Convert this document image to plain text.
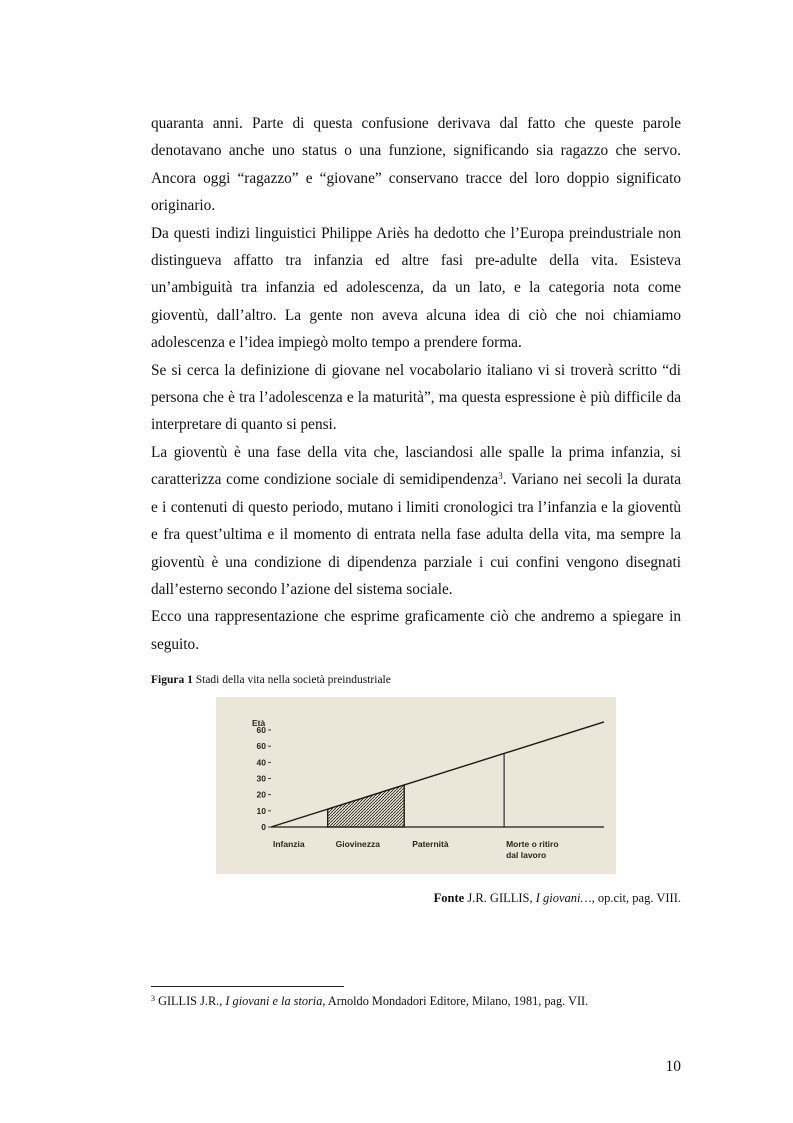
quaranta anni. Parte di questa confusione derivava dal fatto che queste parole denotavano anche uno status o una funzione, significando sia ragazzo che servo. Ancora oggi “ragazzo” e “giovane” conservano tracce del loro doppio significato originario.

Da questi indizi linguistici Philippe Ariès ha dedotto che l’Europa preindustriale non distingueva affatto tra infanzia ed altre fasi pre-adulte della vita. Esisteva un’ambiguità tra infanzia ed adolescenza, da un lato, e la categoria nota come gioventù, dall’altro. La gente non aveva alcuna idea di ciò che noi chiamiamo adolescenza e l’idea impiegò molto tempo a prendere forma.

Se si cerca la definizione di giovane nel vocabolario italiano vi si troverà scritto “di persona che è tra l’adolescenza e la maturità”, ma questa espressione è più difficile da interpretare di quanto si pensi.

La gioventù è una fase della vita che, lasciandosi alle spalle la prima infanzia, si caratterizza come condizione sociale di semidipendenza$^3$. Variano nei secoli la durata e i contenuti di questo periodo, mutano i limiti cronologici tra l’infanzia e la gioventù e fra quest’ultima e il momento di entrata nella fase adulta della vita, ma sempre la gioventù è una condizione di dipendenza parziale i cui confini vengono disegnati dall’esterno secondo l’azione del sistema sociale.

Ecco una rappresentazione che esprime graficamente ciò che andremo a spiegare in seguito.

Figura 1 Stadi della vita nella società preindustriale

Età
0
10
20
30
40
60
60
Infanzia	Giovinezza	Paternità	Morte o ritiro
dal lavoro

Fonte J.R. GILLIS, I giovani…, op.cit, pag. VIII.

$^3$ GILLIS J.R., I giovani e la storia, Arnoldo Mondadori Editore, Milano, 1981, pag. VII.

10
